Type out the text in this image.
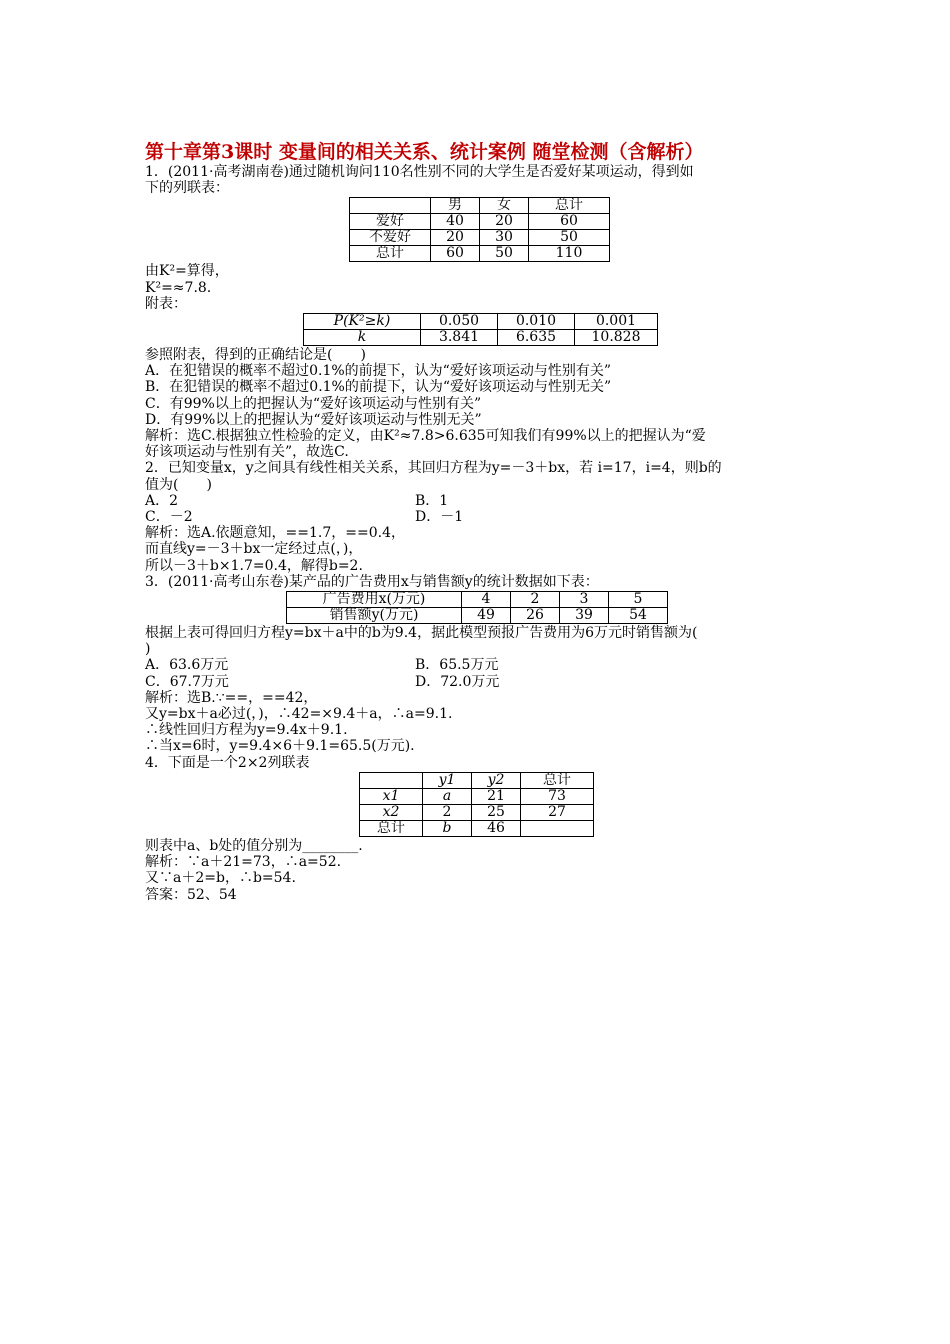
第十章第3课时 变量间的相关关系、统计案例 随堂检测（含解析）

1．(2011·高考湖南卷)通过随机询问110名性别不同的大学生是否爱好某项运动，得到如

下的列联表：

	男	女	总计
爱好	40	20	60
不爱好	20	30	50
总计	60	50	110

由K²=算得，

K²=≈7.8.

附表：

P(K²≥k)	0.050	0.010	0.001
k	3.841	6.635	10.828

参照附表，得到的正确结论是(　　)

A．在犯错误的概率不超过0.1%的前提下，认为“爱好该项运动与性别有关”

B．在犯错误的概率不超过0.1%的前提下，认为“爱好该项运动与性别无关”

C．有99%以上的把握认为“爱好该项运动与性别有关”

D．有99%以上的把握认为“爱好该项运动与性别无关”

解析：选C.根据独立性检验的定义，由K²≈7.8>6.635可知我们有99%以上的把握认为“爱

好该项运动与性别有关”，故选C.

2．已知变量x，y之间具有线性相关关系，其回归方程为y=－3＋bx，若 i=17，i=4，则b的

值为(　　)

A．2	B．1
C．－2	D．－1

解析：选A.依题意知，==1.7，==0.4，

而直线y=－3＋bx一定经过点(，)，

所以－3＋b×1.7=0.4，解得b=2.

3．(2011·高考山东卷)某产品的广告费用x与销售额y的统计数据如下表：

广告费用x(万元)	4	2	3	5
销售额y(万元)	49	26	39	54

根据上表可得回归方程y=bx＋a中的b为9.4，据此模型预报广告费用为6万元时销售额为(

)

A．63.6万元	B．65.5万元
C．67.7万元	D．72.0万元

解析：选B.∵==，==42，

又y=bx＋a必过(，)，∴42=×9.4＋a，∴a=9.1.

∴线性回归方程为y=9.4x＋9.1.

∴当x=6时，y=9.4×6＋9.1=65.5(万元).

4．下面是一个2×2列联表

	y1	y2	总计
x1	a	21	73
x2	2	25	27
总计	b	46	

则表中a、b处的值分别为________.

解析：∵a＋21=73，∴a=52.

又∵a＋2=b，∴b=54.

答案：52、54
